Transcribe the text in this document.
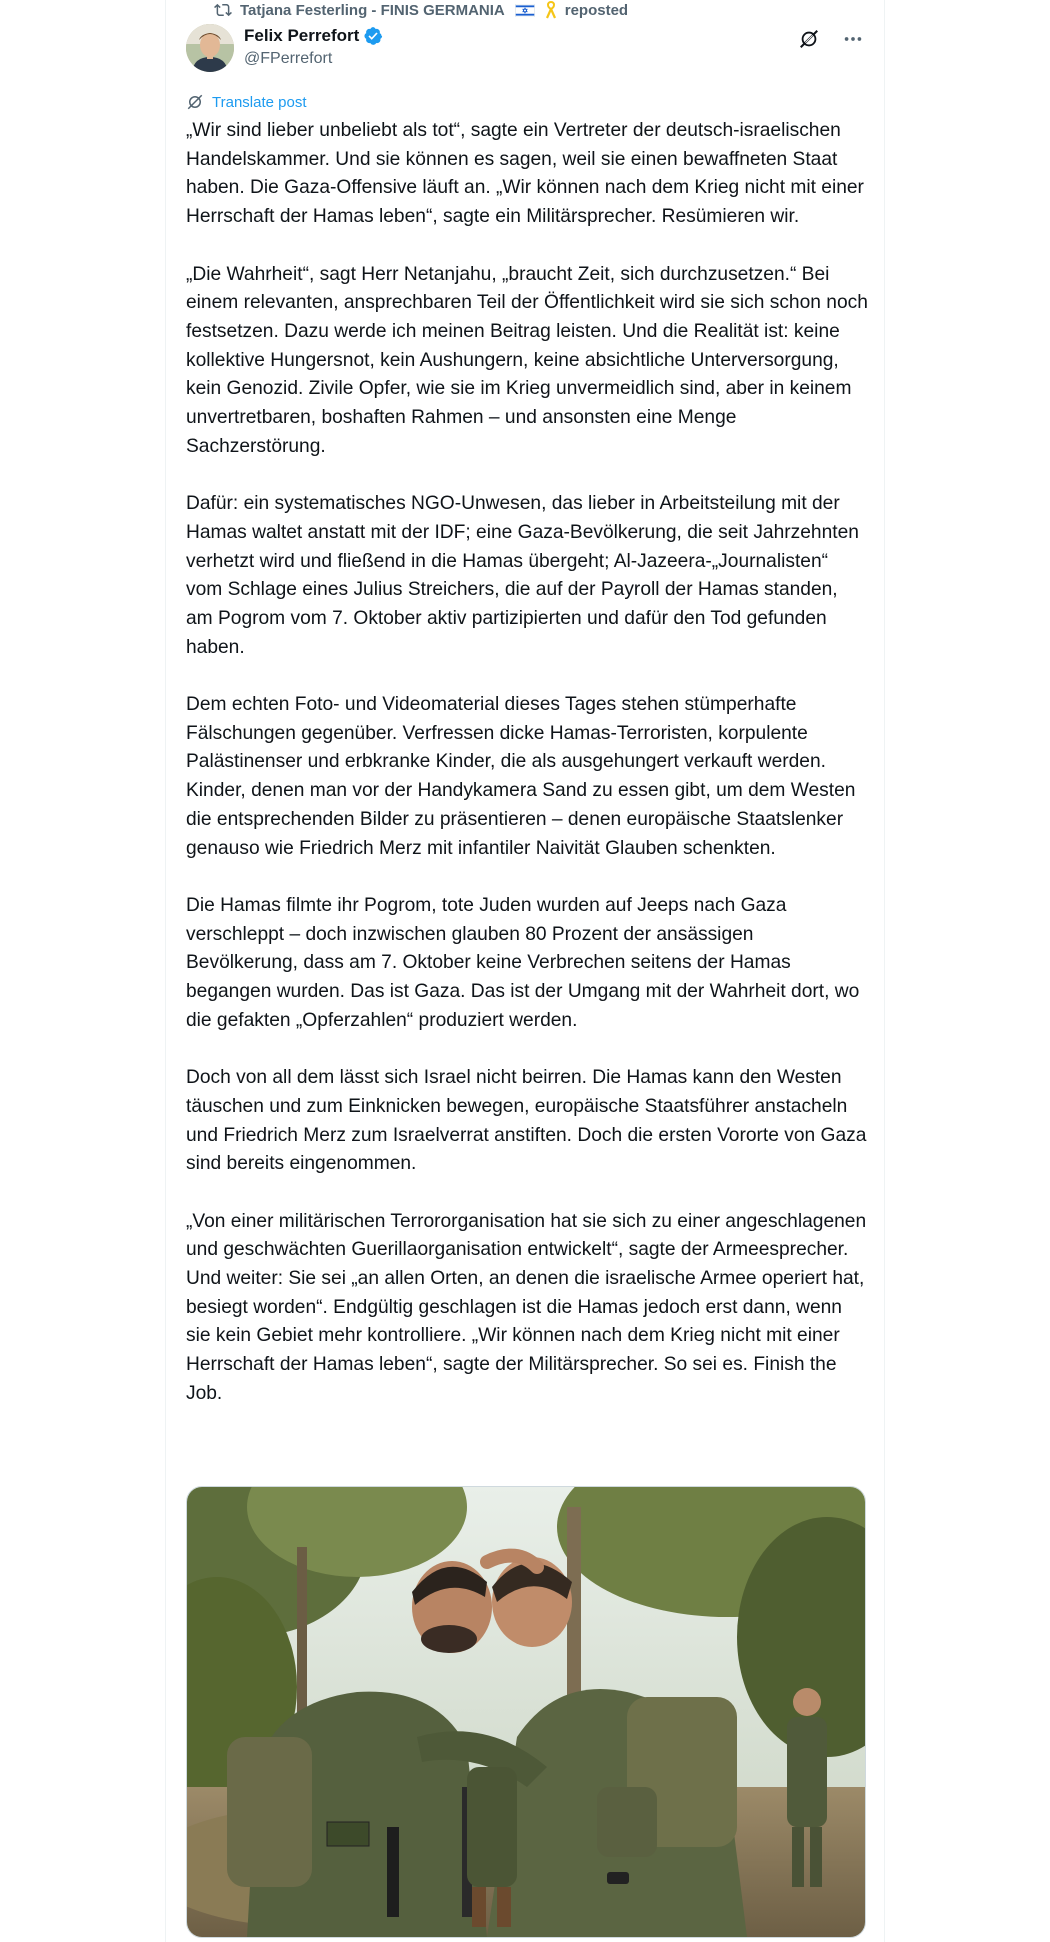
Tatjana Festerling - FINIS GERMANIA	reposted
Felix Perrefort
@FPerrefort
Translate post

„Wir sind lieber unbeliebt als tot“, sagte ein Vertreter der deutsch-israelischen Handelskammer. Und sie können es sagen, weil sie einen bewaffneten Staat haben. Die Gaza-Offensive läuft an. „Wir können nach dem Krieg nicht mit einer Herrschaft der Hamas leben“, sagte ein Militärsprecher. Resümieren wir.

„Die Wahrheit“, sagt Herr Netanjahu, „braucht Zeit, sich durchzusetzen.“ Bei einem relevanten, ansprechbaren Teil der Öffentlichkeit wird sie sich schon noch festsetzen. Dazu werde ich meinen Beitrag leisten. Und die Realität ist: keine kollektive Hungersnot, kein Aushungern, keine absichtliche Unterversorgung, kein Genozid. Zivile Opfer, wie sie im Krieg unvermeidlich sind, aber in keinem unvertretbaren, boshaften Rahmen – und ansonsten eine Menge Sachzerstörung.

Dafür: ein systematisches NGO-Unwesen, das lieber in Arbeitsteilung mit der Hamas waltet anstatt mit der IDF; eine Gaza-Bevölkerung, die seit Jahrzehnten verhetzt wird und fließend in die Hamas übergeht; Al-Jazeera-„Journalisten“ vom Schlage eines Julius Streichers, die auf der Payroll der Hamas standen, am Pogrom vom 7. Oktober aktiv partizipierten und dafür den Tod gefunden haben.

Dem echten Foto- und Videomaterial dieses Tages stehen stümperhafte Fälschungen gegenüber. Verfressen dicke Hamas-Terroristen, korpulente Palästinenser und erbkranke Kinder, die als ausgehungert verkauft werden. Kinder, denen man vor der Handykamera Sand zu essen gibt, um dem Westen die entsprechenden Bilder zu präsentieren – denen europäische Staatslenker genauso wie Friedrich Merz mit infantiler Naivität Glauben schenkten.

Die Hamas filmte ihr Pogrom, tote Juden wurden auf Jeeps nach Gaza verschleppt – doch inzwischen glauben 80 Prozent der ansässigen Bevölkerung, dass am 7. Oktober keine Verbrechen seitens der Hamas begangen wurden. Das ist Gaza. Das ist der Umgang mit der Wahrheit dort, wo die gefakten „Opferzahlen“ produziert werden.

Doch von all dem lässt sich Israel nicht beirren. Die Hamas kann den Westen täuschen und zum Einknicken bewegen, europäische Staatsführer anstacheln und Friedrich Merz zum Israelverrat anstiften. Doch die ersten Vororte von Gaza sind bereits eingenommen.

„Von einer militärischen Terrororganisation hat sie sich zu einer angeschlagenen und geschwächten Guerillaorganisation entwickelt“, sagte der Armeesprecher. Und weiter: Sie sei „an allen Orten, an denen die israelische Armee operiert hat, besiegt worden“. Endgültig geschlagen ist die Hamas jedoch erst dann, wenn sie kein Gebiet mehr kontrolliere. „Wir können nach dem Krieg nicht mit einer Herrschaft der Hamas leben“, sagte der Militärsprecher. So sei es. Finish the Job.
